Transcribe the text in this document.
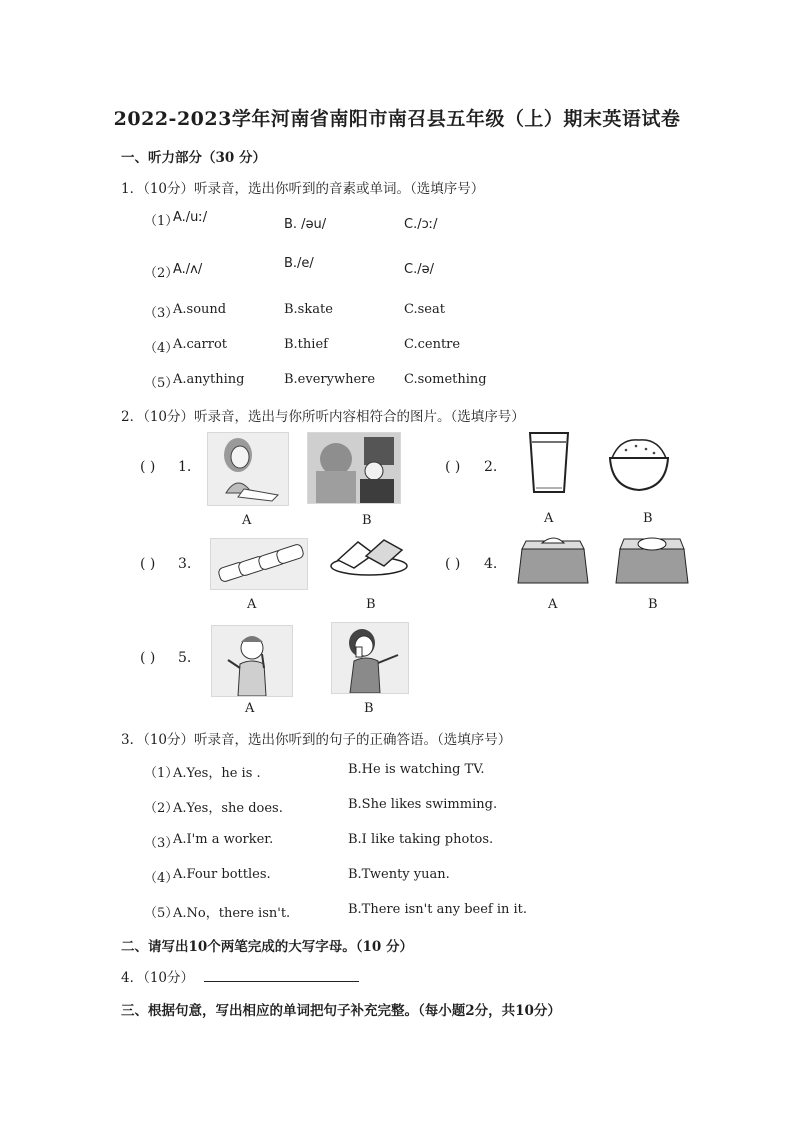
2022-2023学年河南省南阳市南召县五年级（上）期末英语试卷
一、听力部分（30 分）
1．（10分）听录音，选出你听到的音素或单词。（选填序号）
（1）
A./uː/	B. /əu/	C./ɔː/
（2）
A./ʌ/	B./e/	C./ə/
（3）
A.sound	B.skate	C.seat
（4）
A.carrot	B.thief	C.centre
（5）
A.anything	B.everywhere C.something
2．（10分）听录音，选出与你所听内容相符合的图片。（选填序号）
( ) 1.
A	B
( ) 2.
A	B
( ) 3.
A	B
( ) 4.
A	B
( ) 5.
A	B
3．（10分）听录音，选出你听到的句子的正确答语。（选填序号）
（1）
A.Yes，he is .	B.He is watching TV.
（2）
A.Yes，she does.	B.She likes swimming.
（3）
A.I'm a worker.	B.I like taking photos.
（4）
A.Four bottles.	B.Twenty yuan.
（5）
A.No，there isn't.	B.There isn't any beef in it.
二、请写出10个两笔完成的大写字母。（10 分）
4．（10分）
三、根据句意，写出相应的单词把句子补充完整。（每小题2分，共10分）
